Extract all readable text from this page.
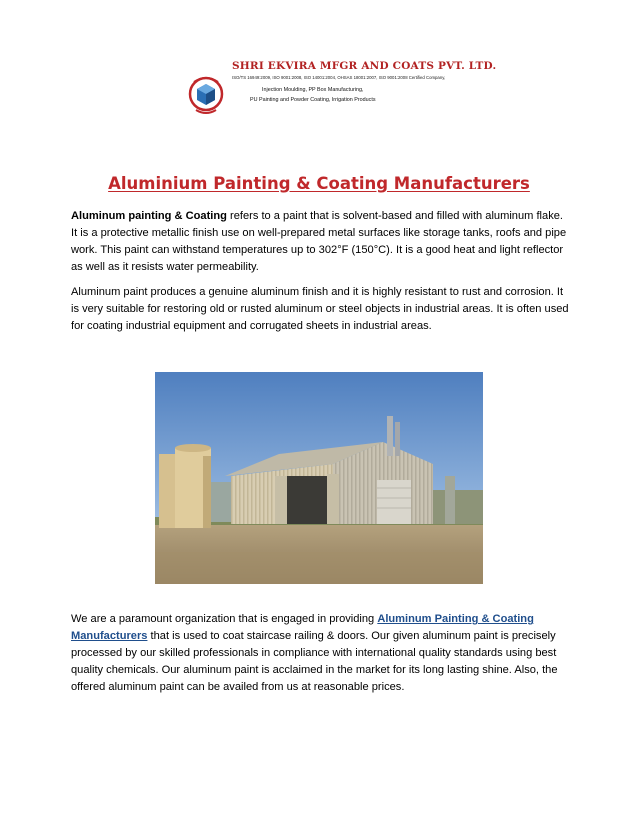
SHRI EKVIRA MFGR AND COATS PVT. LTD.
ISO/TS 16949:2009, ISO 9001:2008, ISO 14001:2004, OHSAS 18001:2007, ISO 9001:2008 Certified Company,
Injection Moulding, PP Box Manufacturing,
PU Painting and Powder Coating, Irrigation Products
Aluminium Painting & Coating Manufacturers
Aluminum painting & Coating refers to a paint that is solvent-based and filled with aluminum flake. It is a protective metallic finish use on well-prepared metal surfaces like storage tanks, roofs and pipe work. This paint can withstand temperatures up to 302°F (150°C). It is a good heat and light reflector as well as it resists water permeability.
Aluminum paint produces a genuine aluminum finish and it is highly resistant to rust and corrosion. It is very suitable for restoring old or rusted aluminum or steel objects in industrial areas. It is often used for coating industrial equipment and corrugated sheets in industrial areas.
We are a paramount organization that is engaged in providing Aluminum Painting & Coating Manufacturers that is used to coat staircase railing & doors. Our given aluminum paint is precisely processed by our skilled professionals in compliance with international quality standards using best quality chemicals. Our aluminum paint is acclaimed in the market for its long lasting shine. Also, the offered aluminum paint can be availed from us at reasonable prices.
